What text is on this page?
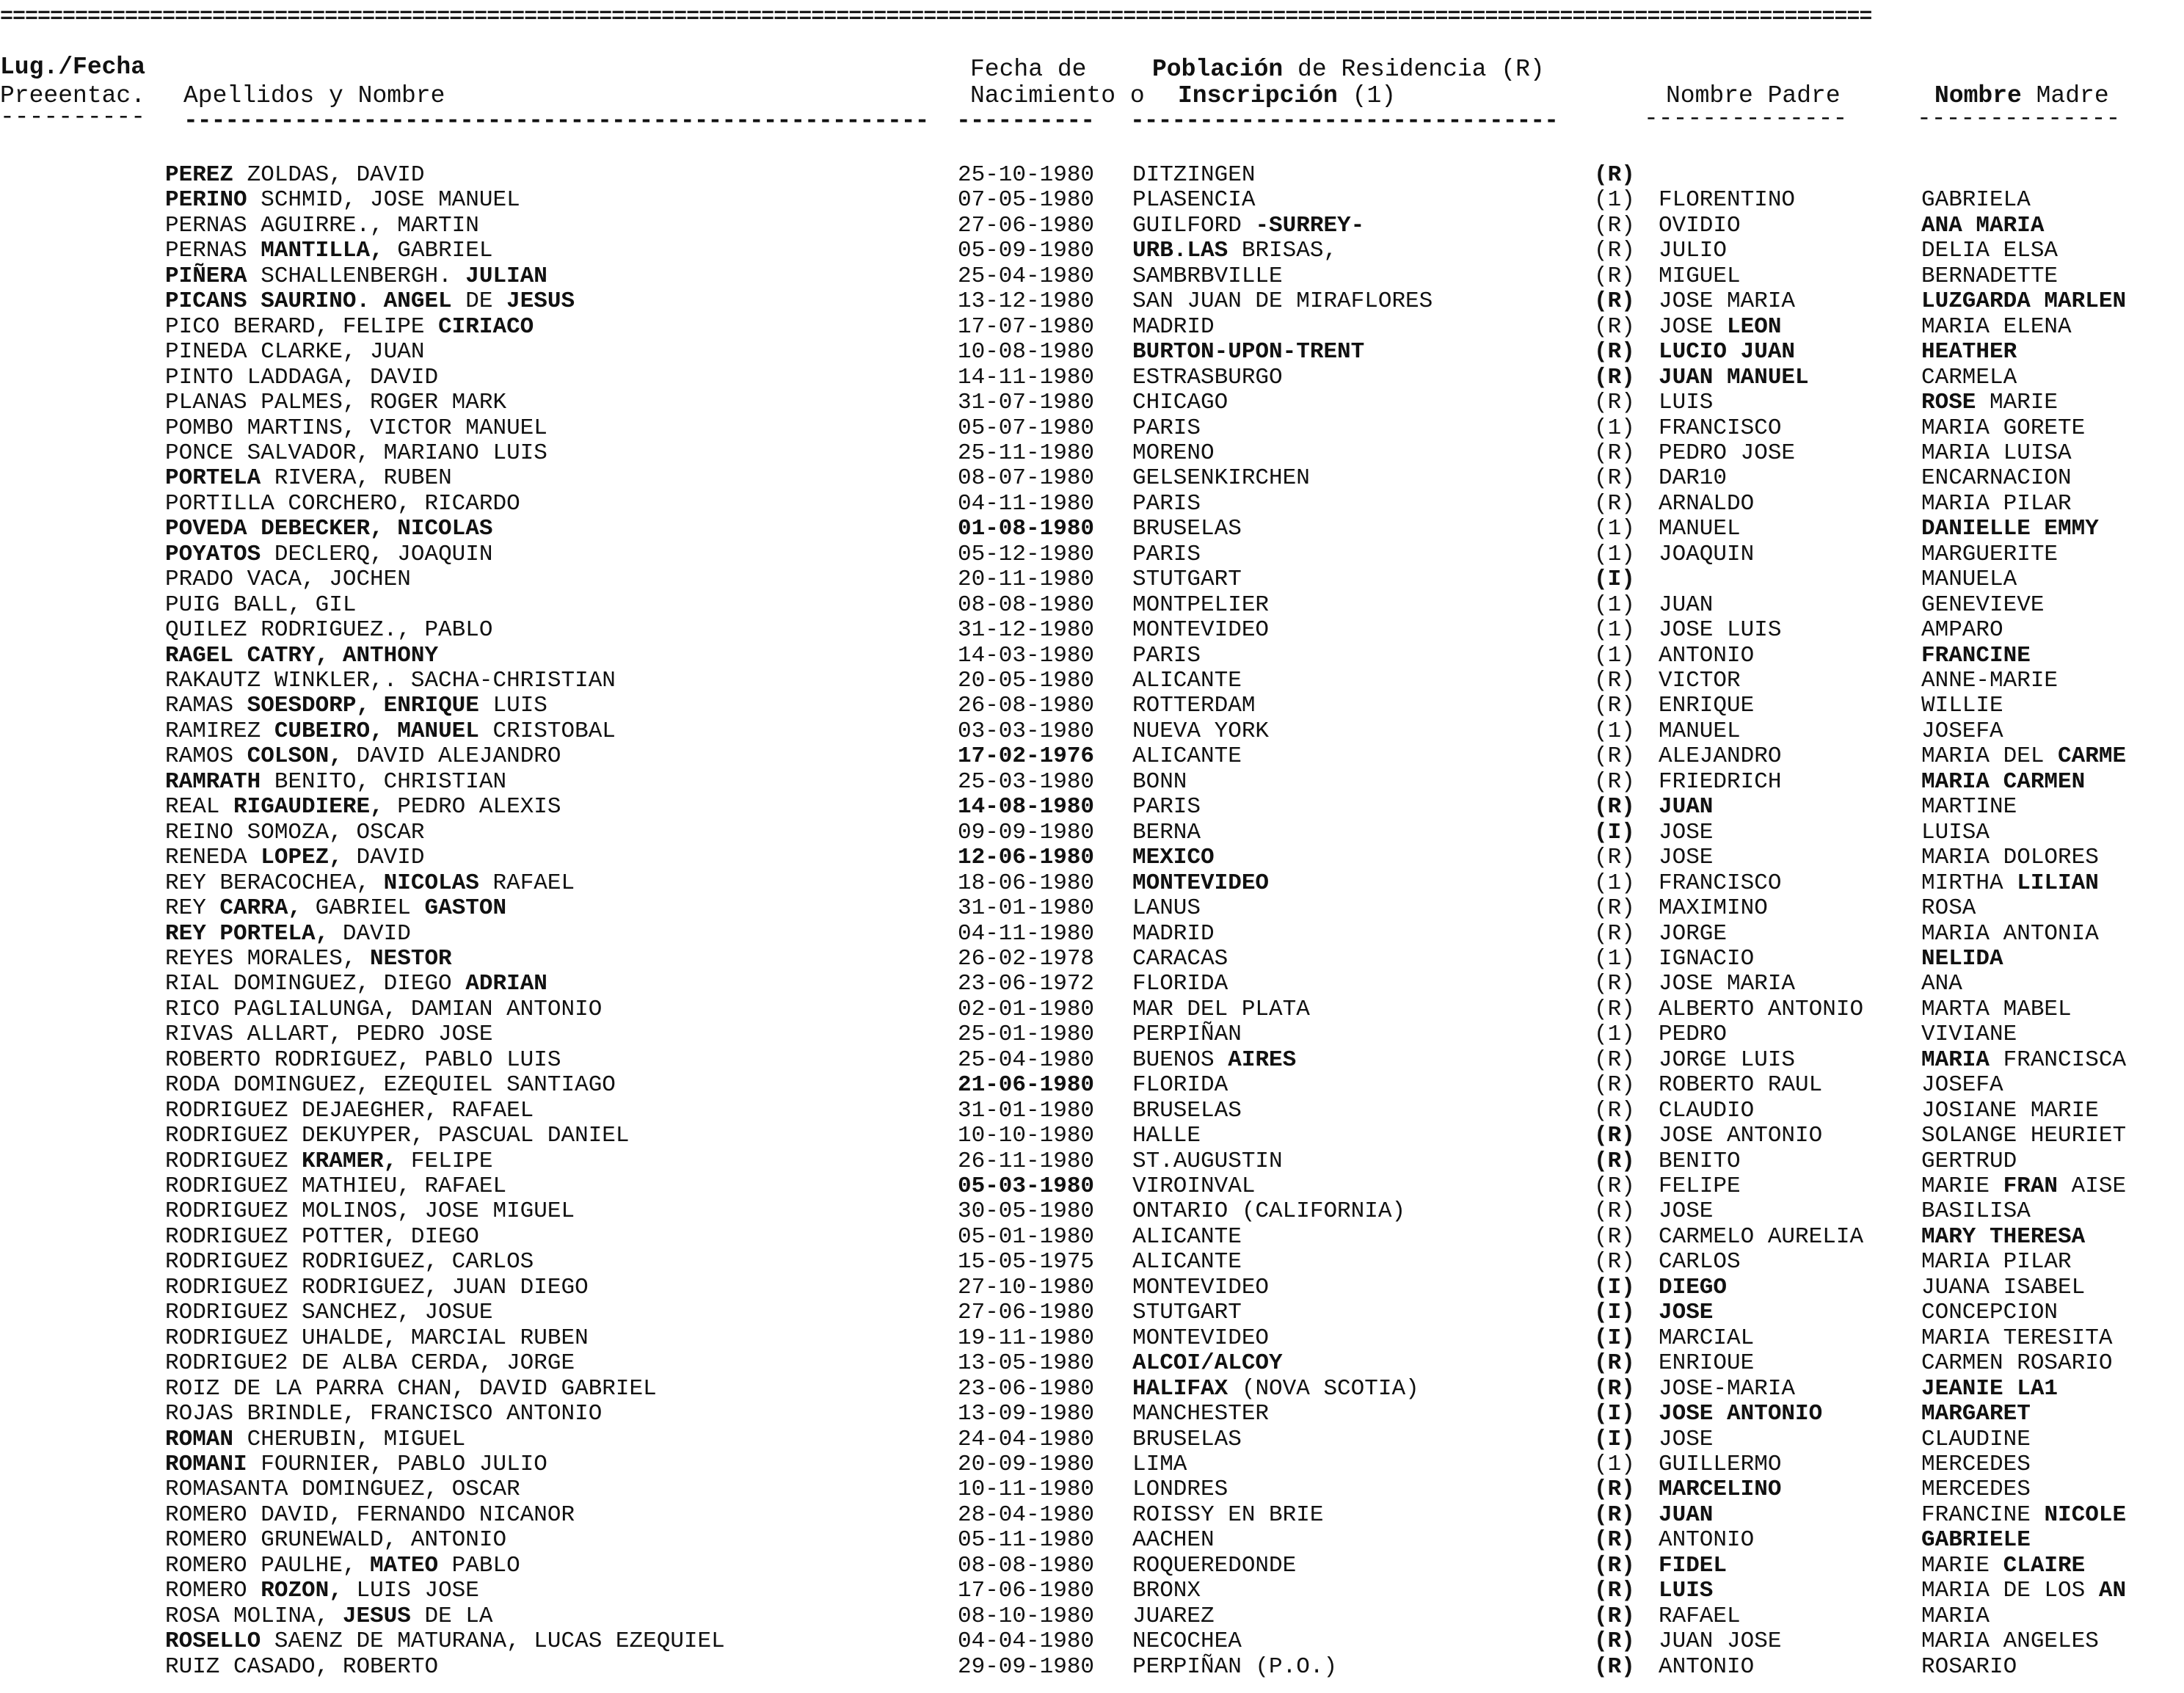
======================================================================================================================================================
Lug./Fecha	Fecha de	Población de Residencia (R)
Preeentac. Apellidos y Nombre	Nacimiento o Inscripción (1)	Nombre Padre	Nombre Madre
---------- ------------------------------------------------------ ---------- -------------------------------	--------------	--------------
PEREZ ZOLDAS, DAVID	25-10-1980 DITZINGEN	(R)
PERINO SCHMID, JOSE MANUEL	07-05-1980 PLASENCIA	(1) FLORENTINO	GABRIELA
PERNAS AGUIRRE., MARTIN	27-06-1980 GUILFORD -SURREY-	(R) OVIDIO	ANA MARIA
PERNAS MANTILLA, GABRIEL	05-09-1980 URB.LAS BRISAS,	(R) JULIO	DELIA ELSA
PIÑERA SCHALLENBERGH. JULIAN	25-04-1980 SAMBRBVILLE	(R) MIGUEL	BERNADETTE
PICANS SAURINO. ANGEL DE JESUS	13-12-1980 SAN JUAN DE MIRAFLORES	(R) JOSE MARIA	LUZGARDA MARLEN
PICO BERARD, FELIPE CIRIACO	17-07-1980 MADRID	(R) JOSE LEON	MARIA ELENA
PINEDA CLARKE, JUAN	10-08-1980 BURTON-UPON-TRENT	(R) LUCIO JUAN	HEATHER
PINTO LADDAGA, DAVID	14-11-1980 ESTRASBURGO	(R) JUAN MANUEL	CARMELA
PLANAS PALMES, ROGER MARK	31-07-1980 CHICAGO	(R) LUIS	ROSE MARIE
POMBO MARTINS, VICTOR MANUEL	05-07-1980 PARIS	(1) FRANCISCO	MARIA GORETE
PONCE SALVADOR, MARIANO LUIS	25-11-1980 MORENO	(R) PEDRO JOSE	MARIA LUISA
PORTELA RIVERA, RUBEN	08-07-1980 GELSENKIRCHEN	(R) DAR10	ENCARNACION
PORTILLA CORCHERO, RICARDO	04-11-1980 PARIS	(R) ARNALDO	MARIA PILAR
POVEDA DEBECKER, NICOLAS	01-08-1980 BRUSELAS	(1) MANUEL	DANIELLE EMMY
POYATOS DECLERQ, JOAQUIN	05-12-1980 PARIS	(1) JOAQUIN	MARGUERITE
PRADO VACA, JOCHEN	20-11-1980 STUTGART	(I)	MANUELA
PUIG BALL, GIL	08-08-1980 MONTPELIER	(1) JUAN	GENEVIEVE
QUILEZ RODRIGUEZ., PABLO	31-12-1980 MONTEVIDEO	(1) JOSE LUIS	AMPARO
RAGEL CATRY, ANTHONY	14-03-1980 PARIS	(1) ANTONIO	FRANCINE
RAKAUTZ WINKLER,. SACHA-CHRISTIAN	20-05-1980 ALICANTE	(R) VICTOR	ANNE-MARIE
RAMAS SOESDORP, ENRIQUE LUIS	26-08-1980 ROTTERDAM	(R) ENRIQUE	WILLIE
RAMIREZ CUBEIRO, MANUEL CRISTOBAL	03-03-1980 NUEVA YORK	(1) MANUEL	JOSEFA
RAMOS COLSON, DAVID ALEJANDRO	17-02-1976 ALICANTE	(R) ALEJANDRO	MARIA DEL CARME
RAMRATH BENITO, CHRISTIAN	25-03-1980 BONN	(R) FRIEDRICH	MARIA CARMEN
REAL RIGAUDIERE, PEDRO ALEXIS	14-08-1980 PARIS	(R) JUAN	MARTINE
REINO SOMOZA, OSCAR	09-09-1980 BERNA	(I) JOSE	LUISA
RENEDA LOPEZ, DAVID	12-06-1980 MEXICO	(R) JOSE	MARIA DOLORES
REY BERACOCHEA, NICOLAS RAFAEL	18-06-1980 MONTEVIDEO	(1) FRANCISCO	MIRTHA LILIAN
REY CARRA, GABRIEL GASTON	31-01-1980 LANUS	(R) MAXIMINO	ROSA
REY PORTELA, DAVID	04-11-1980 MADRID	(R) JORGE	MARIA ANTONIA
REYES MORALES, NESTOR	26-02-1978 CARACAS	(1) IGNACIO	NELIDA
RIAL DOMINGUEZ, DIEGO ADRIAN	23-06-1972 FLORIDA	(R) JOSE MARIA	ANA
RICO PAGLIALUNGA, DAMIAN ANTONIO	02-01-1980 MAR DEL PLATA	(R) ALBERTO ANTONIO	MARTA MABEL
RIVAS ALLART, PEDRO JOSE	25-01-1980 PERPIÑAN	(1) PEDRO	VIVIANE
ROBERTO RODRIGUEZ, PABLO LUIS	25-04-1980 BUENOS AIRES	(R) JORGE LUIS	MARIA FRANCISCA
RODA DOMINGUEZ, EZEQUIEL SANTIAGO	21-06-1980 FLORIDA	(R) ROBERTO RAUL	JOSEFA
RODRIGUEZ DEJAEGHER, RAFAEL	31-01-1980 BRUSELAS	(R) CLAUDIO	JOSIANE MARIE
RODRIGUEZ DEKUYPER, PASCUAL DANIEL	10-10-1980 HALLE	(R) JOSE ANTONIO	SOLANGE HEURIET
RODRIGUEZ KRAMER, FELIPE	26-11-1980 ST.AUGUSTIN	(R) BENITO	GERTRUD
RODRIGUEZ MATHIEU, RAFAEL	05-03-1980 VIROINVAL	(R) FELIPE	MARIE FRAN AISE
RODRIGUEZ MOLINOS, JOSE MIGUEL	30-05-1980 ONTARIO (CALIFORNIA)	(R) JOSE	BASILISA
RODRIGUEZ POTTER, DIEGO	05-01-1980 ALICANTE	(R) CARMELO AURELIA	MARY THERESA
RODRIGUEZ RODRIGUEZ, CARLOS	15-05-1975 ALICANTE	(R) CARLOS	MARIA PILAR
RODRIGUEZ RODRIGUEZ, JUAN DIEGO	27-10-1980 MONTEVIDEO	(I) DIEGO	JUANA ISABEL
RODRIGUEZ SANCHEZ, JOSUE	27-06-1980 STUTGART	(I) JOSE	CONCEPCION
RODRIGUEZ UHALDE, MARCIAL RUBEN	19-11-1980 MONTEVIDEO	(I) MARCIAL	MARIA TERESITA
RODRIGUE2 DE ALBA CERDA, JORGE	13-05-1980 ALCOI/ALCOY	(R) ENRIOUE	CARMEN ROSARIO
ROIZ DE LA PARRA CHAN, DAVID GABRIEL	23-06-1980 HALIFAX (NOVA SCOTIA)	(R) JOSE-MARIA	JEANIE LA1
ROJAS BRINDLE, FRANCISCO ANTONIO	13-09-1980 MANCHESTER	(I) JOSE ANTONIO	MARGARET
ROMAN CHERUBIN, MIGUEL	24-04-1980 BRUSELAS	(I) JOSE	CLAUDINE
ROMANI FOURNIER, PABLO JULIO	20-09-1980 LIMA	(1) GUILLERMO	MERCEDES
ROMASANTA DOMINGUEZ, OSCAR	10-11-1980 LONDRES	(R) MARCELINO	MERCEDES
ROMERO DAVID, FERNANDO NICANOR	28-04-1980 ROISSY EN BRIE	(R) JUAN	FRANCINE NICOLE
ROMERO GRUNEWALD, ANTONIO	05-11-1980 AACHEN	(R) ANTONIO	GABRIELE
ROMERO PAULHE, MATEO PABLO	08-08-1980 ROQUEREDONDE	(R) FIDEL	MARIE CLAIRE
ROMERO ROZON, LUIS JOSE	17-06-1980 BRONX	(R) LUIS	MARIA DE LOS AN
ROSA MOLINA, JESUS DE LA	08-10-1980 JUAREZ	(R) RAFAEL	MARIA
ROSELLO SAENZ DE MATURANA, LUCAS EZEQUIEL	04-04-1980 NECOCHEA	(R) JUAN JOSE	MARIA ANGELES
RUIZ CASADO, ROBERTO	29-09-1980 PERPIÑAN (P.O.)	(R) ANTONIO	ROSARIO
